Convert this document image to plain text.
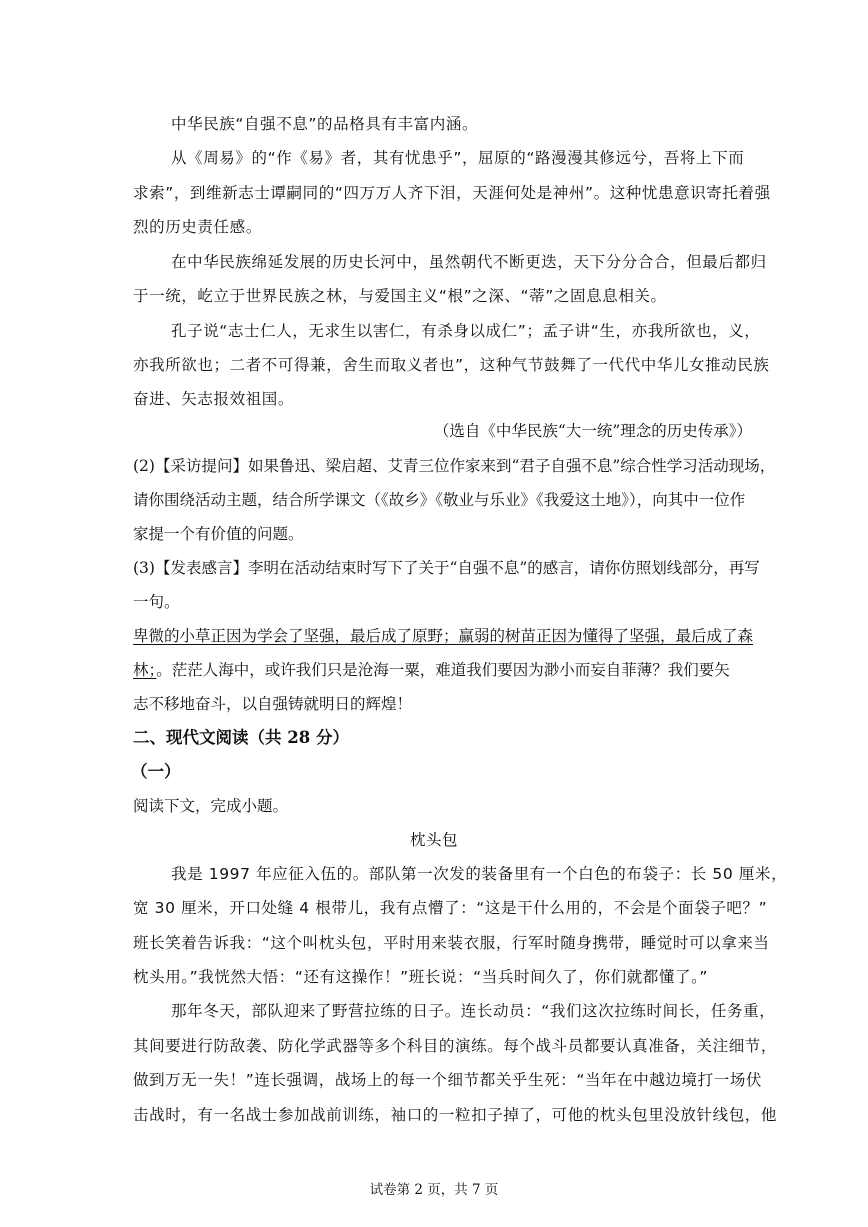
中华民族“自强不息”的品格具有丰富内涵。
从《周易》的“作《易》者，其有忧患乎”，屈原的“路漫漫其修远兮，吾将上下而
求索”，到维新志士谭嗣同的“四万万人齐下泪，天涯何处是神州”。这种忧患意识寄托着强
烈的历史责任感。
在中华民族绵延发展的历史长河中，虽然朝代不断更迭，天下分分合合，但最后都归
于一统，屹立于世界民族之林，与爱国主义“根”之深、“蒂”之固息息相关。
孔子说“志士仁人，无求生以害仁，有杀身以成仁”；孟子讲“生，亦我所欲也，义，
亦我所欲也；二者不可得兼，舍生而取义者也”，这种气节鼓舞了一代代中华儿女推动民族
奋进、矢志报效祖国。
（选自《中华民族“大一统”理念的历史传承》）
(2)【采访提问】如果鲁迅、梁启超、艾青三位作家来到“君子自强不息”综合性学习活动现场，
请你围绕活动主题，结合所学课文（《故乡》《敬业与乐业》《我爱这土地》），向其中一位作
家提一个有价值的问题。
(3)【发表感言】李明在活动结束时写下了关于“自强不息”的感言，请你仿照划线部分，再写
一句。
卑微的小草正因为学会了坚强，最后成了原野；赢弱的树苗正因为懂得了坚强，最后成了森
林；。茫茫人海中，或许我们只是沧海一粟，难道我们要因为渺小而妄自菲薄？我们要矢
志不移地奋斗，以自强铸就明日的辉煌！
二、现代文阅读（共 28 分）
（一）
阅读下文，完成小题。
枕头包
我是 1997 年应征入伍的。部队第一次发的装备里有一个白色的布袋子：长 50 厘米，
宽 30 厘米，开口处缝 4 根带儿，我有点懵了：“这是干什么用的，不会是个面袋子吧？”
班长笑着告诉我：“这个叫枕头包，平时用来装衣服，行军时随身携带，睡觉时可以拿来当
枕头用。”我恍然大悟：“还有这操作！”班长说：“当兵时间久了，你们就都懂了。”
那年冬天，部队迎来了野营拉练的日子。连长动员：“我们这次拉练时间长，任务重，
其间要进行防敌袭、防化学武器等多个科目的演练。每个战斗员都要认真准备，关注细节，
做到万无一失！”连长强调，战场上的每一个细节都关乎生死：“当年在中越边境打一场伏
击战时，有一名战士参加战前训练，袖口的一粒扣子掉了，可他的枕头包里没放针线包，他
试卷第 2 页，共 7 页
